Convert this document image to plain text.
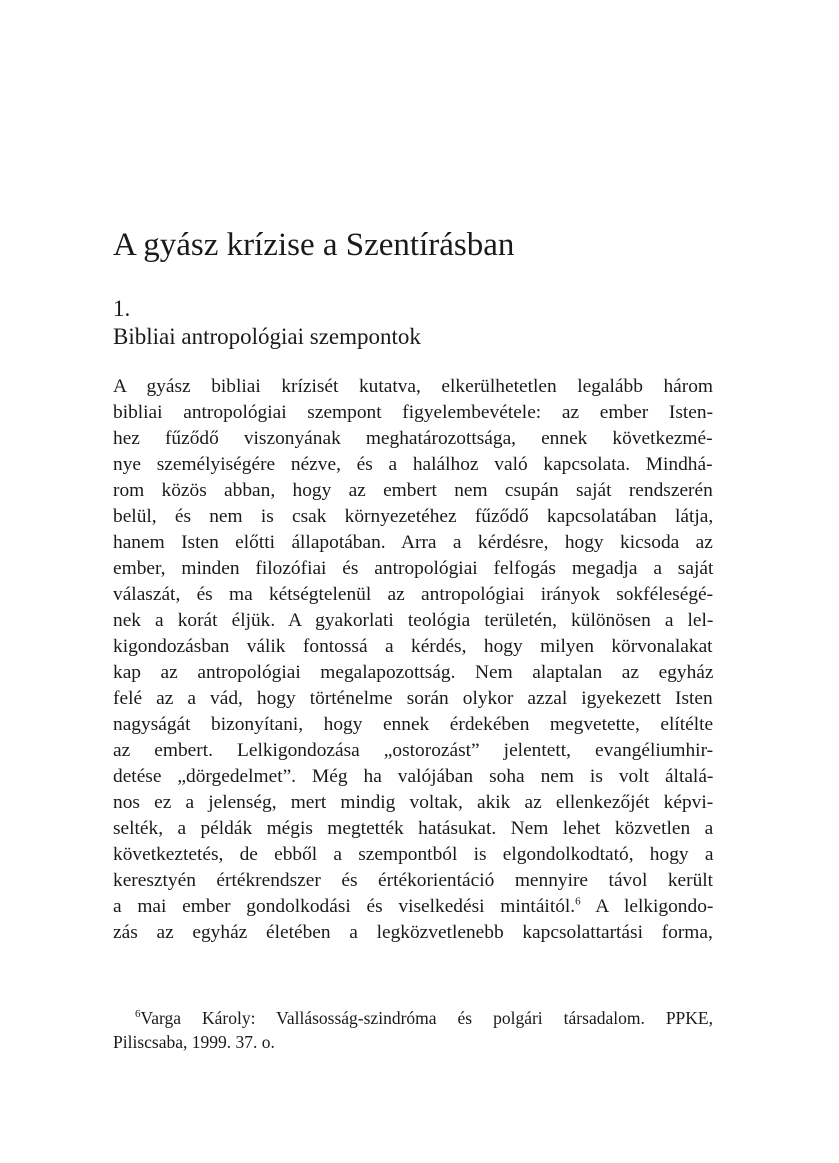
A gyász krízise a Szentírásban
1.
Bibliai antropológiai szempontok
A gyász bibliai krízisét kutatva, elkerülhetetlen legalább három
bibliai antropológiai szempont figyelembevétele: az ember Isten-
hez fűződő viszonyának meghatározottsága, ennek következmé-
nye személyiségére nézve, és a halálhoz való kapcsolata. Mindhá-
rom közös abban, hogy az embert nem csupán saját rendszerén
belül, és nem is csak környezetéhez fűződő kapcsolatában látja,
hanem Isten előtti állapotában. Arra a kérdésre, hogy kicsoda az
ember, minden filozófiai és antropológiai felfogás megadja a saját
válaszát, és ma kétségtelenül az antropológiai irányok sokféleségé-
nek a korát éljük. A gyakorlati teológia területén, különösen a lel-
kigondozásban válik fontossá a kérdés, hogy milyen körvonalakat
kap az antropológiai megalapozottság. Nem alaptalan az egyház
felé az a vád, hogy történelme során olykor azzal igyekezett Isten
nagyságát bizonyítani, hogy ennek érdekében megvetette, elítélte
az embert. Lelkigondozása „ostorozást” jelentett, evangéliumhir-
detése „dörgedelmet”. Még ha valójában soha nem is volt általá-
nos ez a jelenség, mert mindig voltak, akik az ellenkezőjét képvi-
selték, a példák mégis megtették hatásukat. Nem lehet közvetlen a
következtetés, de ebből a szempontból is elgondolkodtató, hogy a
keresztyén értékrendszer és értékorientáció mennyire távol került
a mai ember gondolkodási és viselkedési mintáitól.$^6$ A lelkigondo-
zás az egyház életében a legközvetlenebb kapcsolattartási forma,
$^6$Varga Károly: Vallásosság-szindróma és polgári társadalom. PPKE,
Piliscsaba, 1999. 37. o.
